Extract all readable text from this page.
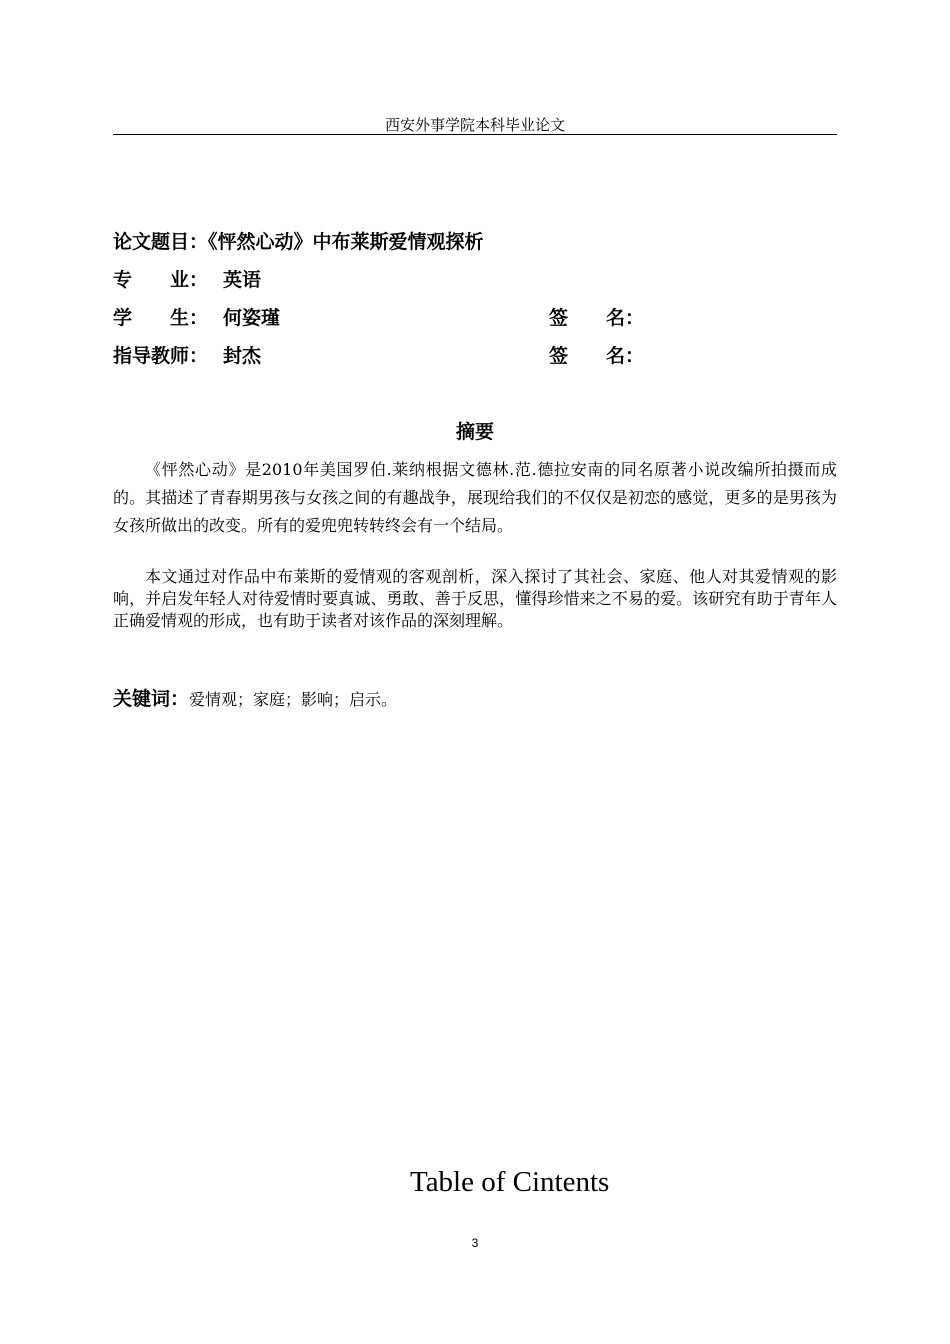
西安外事学院本科毕业论文
论文题目：《怦然心动》中布莱斯爱情观探析
专　　业： 英语
学　　生： 何姿瑾	签　　名：
指导教师： 封杰	签　　名：
摘要

《怦然心动》是2010年美国罗伯.莱纳根据文德林.范.德拉安南的同名原著小说改编所拍摄而成的。其描述了青春期男孩与女孩之间的有趣战争，展现给我们的不仅仅是初恋的感觉，更多的是男孩为女孩所做出的改变。所有的爱兜兜转转终会有一个结局。

本文通过对作品中布莱斯的爱情观的客观剖析，深入探讨了其社会、家庭、他人对其爱情观的影响，并启发年轻人对待爱情时要真诚、勇敢、善于反思，懂得珍惜来之不易的爱。该研究有助于青年人正确爱情观的形成，也有助于读者对该作品的深刻理解。

关键词：爱情观；家庭；影响；启示。
Table of Cintents
3
